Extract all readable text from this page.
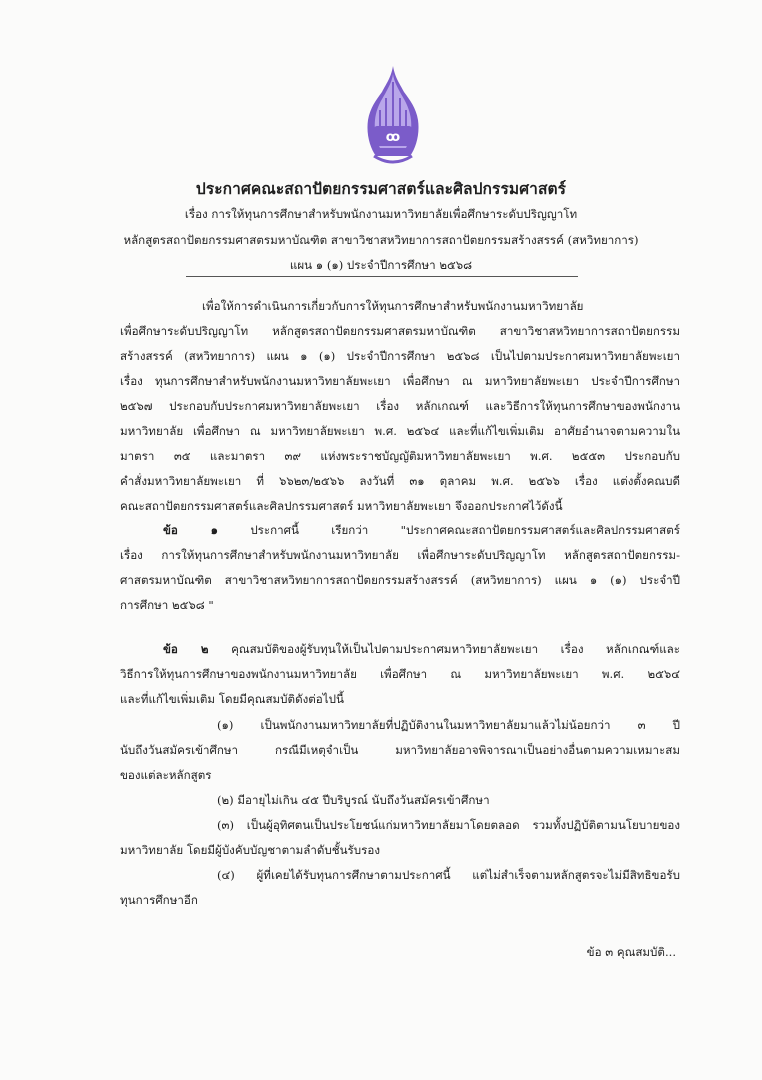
ꝏ
ประกาศคณะสถาปัตยกรรมศาสตร์และศิลปกรรมศาสตร์
เรื่อง การให้ทุนการศึกษาสำหรับพนักงานมหาวิทยาลัยเพื่อศึกษาระดับปริญญาโท
หลักสูตรสถาปัตยกรรมศาสตรมหาบัณฑิต สาขาวิชาสหวิทยาการสถาปัตยกรรมสร้างสรรค์ (สหวิทยาการ)
แผน ๑ (๑) ประจำปีการศึกษา ๒๕๖๘
เพื่อให้การดำเนินการเกี่ยวกับการให้ทุนการศึกษาสำหรับพนักงานมหาวิทยาลัย
เพื่อศึกษาระดับปริญญาโท หลักสูตรสถาปัตยกรรมศาสตรมหาบัณฑิต สาขาวิชาสหวิทยาการสถาปัตยกรรม
สร้างสรรค์ (สหวิทยาการ) แผน ๑ (๑) ประจำปีการศึกษา ๒๕๖๘ เป็นไปตามประกาศมหาวิทยาลัยพะเยา
เรื่อง ทุนการศึกษาสำหรับพนักงานมหาวิทยาลัยพะเยา เพื่อศึกษา ณ มหาวิทยาลัยพะเยา ประจำปีการศึกษา
๒๕๖๗ ประกอบกับประกาศมหาวิทยาลัยพะเยา เรื่อง หลักเกณฑ์ และวิธีการให้ทุนการศึกษาของพนักงาน
มหาวิทยาลัย เพื่อศึกษา ณ มหาวิทยาลัยพะเยา พ.ศ. ๒๕๖๔ และที่แก้ไขเพิ่มเติม อาศัยอำนาจตามความใน
มาตรา ๓๕ และมาตรา ๓๙ แห่งพระราชบัญญัติมหาวิทยาลัยพะเยา พ.ศ. ๒๕๕๓ ประกอบกับ
คำสั่งมหาวิทยาลัยพะเยา ที่ ๖๖๒๓/๒๕๖๖ ลงวันที่ ๓๑ ตุลาคม พ.ศ. ๒๕๖๖ เรื่อง แต่งตั้งคณบดี
คณะสถาปัตยกรรมศาสตร์และศิลปกรรมศาสตร์ มหาวิทยาลัยพะเยา จึงออกประกาศไว้ดังนี้
ข้อ ๑	ประกาศนี้ เรียกว่า "ประกาศคณะสถาปัตยกรรมศาสตร์และศิลปกรรมศาสตร์
เรื่อง การให้ทุนการศึกษาสำหรับพนักงานมหาวิทยาลัย เพื่อศึกษาระดับปริญญาโท หลักสูตรสถาปัตยกรรม-
ศาสตรมหาบัณฑิต สาขาวิชาสหวิทยาการสถาปัตยกรรมสร้างสรรค์ (สหวิทยาการ) แผน ๑ (๑) ประจำปี
การศึกษา ๒๕๖๘ "
ข้อ ๒ คุณสมบัติของผู้รับทุนให้เป็นไปตามประกาศมหาวิทยาลัยพะเยา เรื่อง หลักเกณฑ์และ
วิธีการให้ทุนการศึกษาของพนักงานมหาวิทยาลัย เพื่อศึกษา ณ มหาวิทยาลัยพะเยา พ.ศ. ๒๕๖๔
และที่แก้ไขเพิ่มเติม โดยมีคุณสมบัติดังต่อไปนี้
(๑) เป็นพนักงานมหาวิทยาลัยที่ปฏิบัติงานในมหาวิทยาลัยมาแล้วไม่น้อยกว่า ๓ ปี
นับถึงวันสมัครเข้าศึกษา กรณีมีเหตุจำเป็น มหาวิทยาลัยอาจพิจารณาเป็นอย่างอื่นตามความเหมาะสม
ของแต่ละหลักสูตร
(๒) มีอายุไม่เกิน ๔๕ ปีบริบูรณ์ นับถึงวันสมัครเข้าศึกษา
(๓) เป็นผู้อุทิศตนเป็นประโยชน์แก่มหาวิทยาลัยมาโดยตลอด รวมทั้งปฏิบัติตามนโยบายของ
มหาวิทยาลัย โดยมีผู้บังคับบัญชาตามลำดับชั้นรับรอง
(๔) ผู้ที่เคยได้รับทุนการศึกษาตามประกาศนี้ แต่ไม่สำเร็จตามหลักสูตรจะไม่มีสิทธิขอรับ
ทุนการศึกษาอีก
ข้อ ๓ คุณสมบัติ...
